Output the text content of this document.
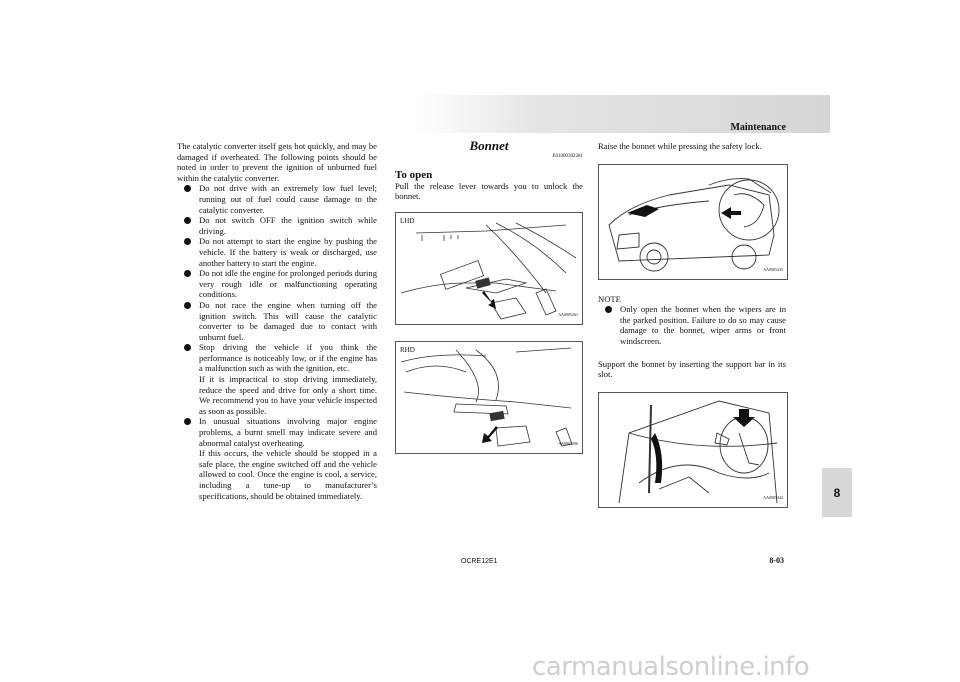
Maintenance

The catalytic converter itself gets hot quickly, and may be damaged if overheated. The following points should be noted in order to prevent the ignition of unburned fuel within the catalytic converter.

Do not drive with an extremely low fuel level; running out of fuel could cause damage to the catalytic converter.
Do not switch OFF the ignition switch while driving.
Do not attempt to start the engine by pushing the vehicle. If the battery is weak or discharged, use another battery to start the engine.
Do not idle the engine for prolonged periods during very rough idle or malfunctioning operating conditions.
Do not race the engine when turning off the ignition switch. This will cause the catalytic converter to be damaged due to contact with unburnt fuel.
Stop driving the vehicle if you think the performance is noticeably low, or if the engine has a malfunction such as with the ignition, etc.
If it is impractical to stop driving immediately, reduce the speed and drive for only a short time. We recommend you to have your vehicle inspected as soon as possible.
In unusual situations involving major engine problems, a burnt smell may indicate severe and abnormal catalyst overheating.
If this occurs, the vehicle should be stopped in a safe place, the engine switched off and the vehicle allowed to cool. Once the engine is cool, a service, including a tune-up to manufacturer’s specifications, should be obtained immediately.
Bonnet
E01000302281
To open

Pull the release lever towards you to unlock the bonnet.

LHD
AA0005261
RHD
AA0005296

Raise the bonnet while pressing the safety lock.

AA0005435
NOTE
Only open the bonnet when the wipers are in the parked position. Failure to do so may cause damage to the bonnet, wiper arms or front windscreen.

Support the bonnet by inserting the support bar in its slot.

AA0005444	8
OCRE12E1	8-03
carmanualsonline.info
